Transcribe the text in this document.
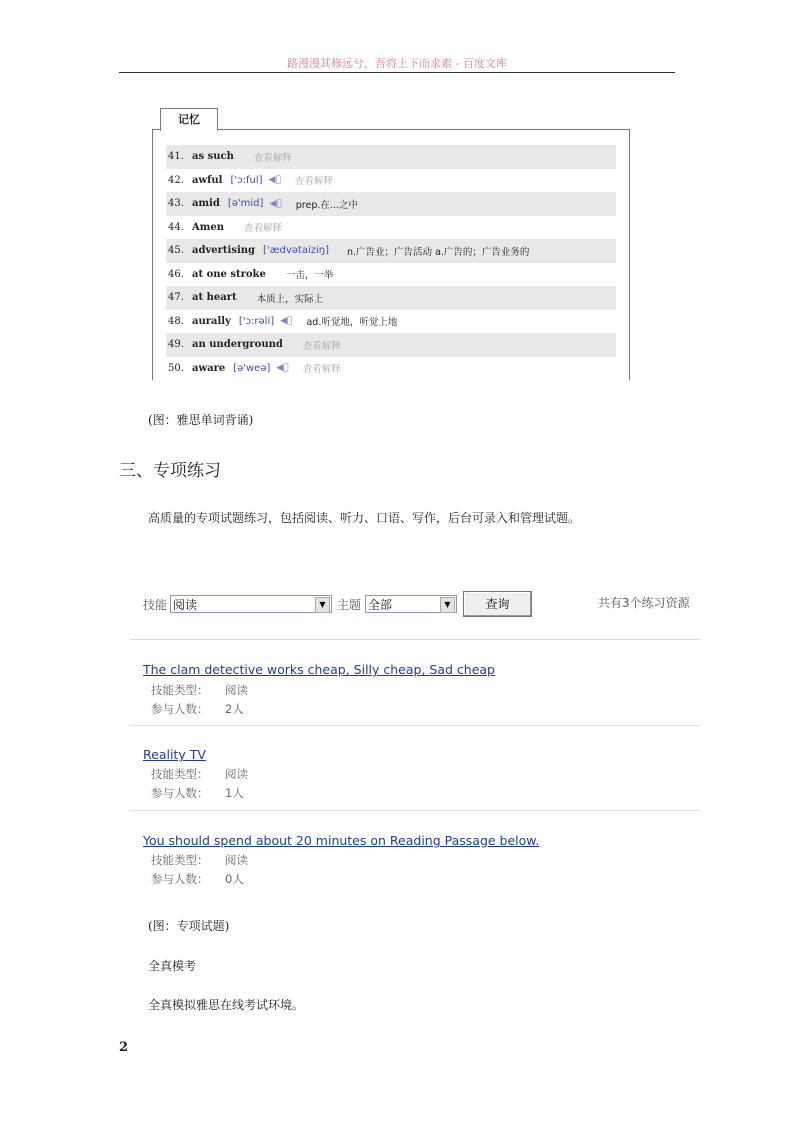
路漫漫其修远兮，吾将上下而求索 - 百度文库
记忆
41. as such 查看解释
42. awful ['ɔ:ful] ◀ﾞ 查看解释
43. amid [ə'mid] ◀ﾞ prep.在...之中
44. Amen 查看解释
45. advertising ['ædvətaiziŋ] n.广告业；广告活动 a.广告的；广告业务的
46. at one stroke 一击，一举
47. at heart 本质上，实际上
48. aurally ['ɔ:rəli] ◀ﾞ ad.听觉地，听觉上地
49. an underground 查看解释
50. aware [ə'weə] ◀ﾞ 查看解释
(图：雅思单词背诵)
三、专项练习
高质量的专项试题练习，包括阅读、听力、口语、写作，后台可录入和管理试题。
技能 阅读	▼ 主题 全部	▼	查询	共有3个练习资源
The clam detective works cheap, Silly cheap, Sad cheap
技能类型： 阅读
参与人数： 2人
Reality TV
技能类型： 阅读
参与人数： 1人
You should spend about 20 minutes on Reading Passage below.
技能类型： 阅读
参与人数： 0人
(图：专项试题)
全真模考
全真模拟雅思在线考试环境。
2
